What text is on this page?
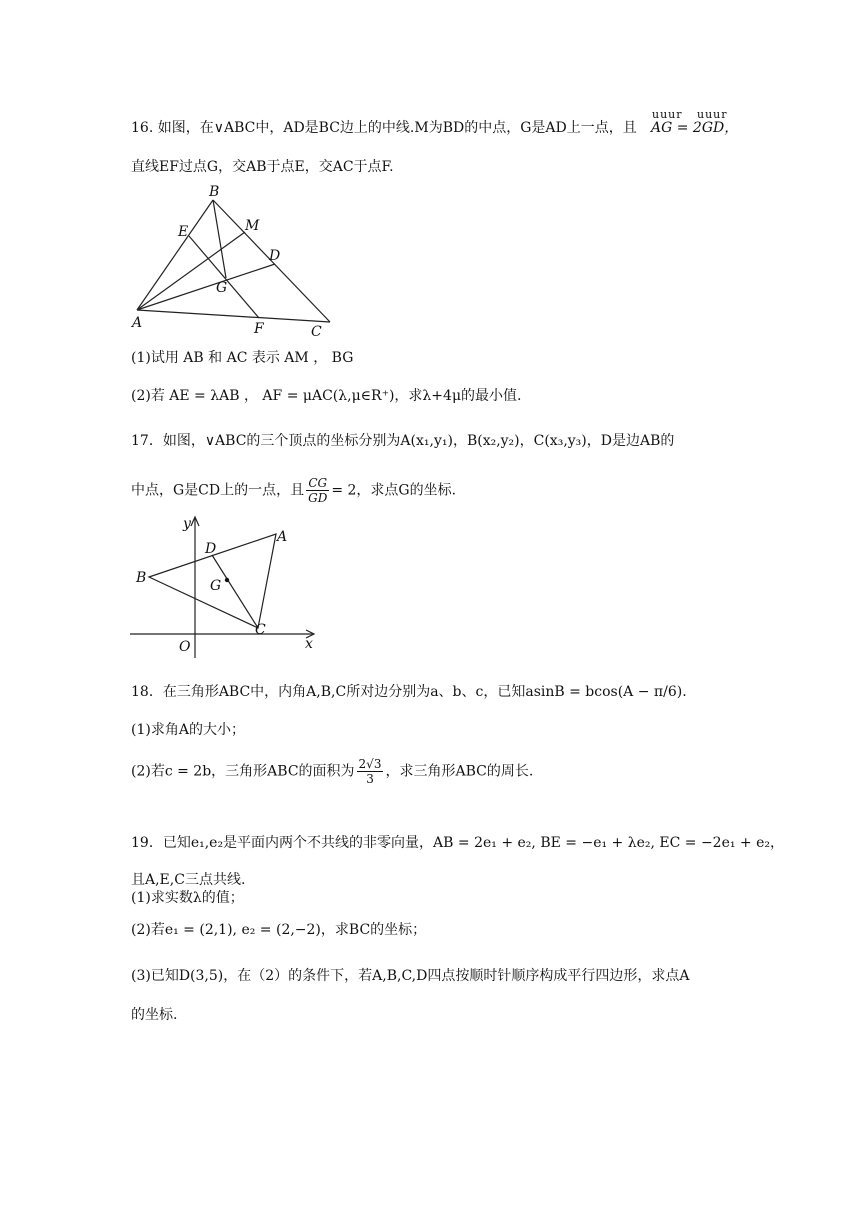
16. 如图，在∨ABC中，AD是BC边上的中线.M为BD的中点，G是AD上一点，且
uuur uuur
AG = 2GD，
直线EF过点G，交AB于点E，交AC于点F.
B
E	M
D
G
A	F	C
(1)试用 AB 和 AC 表示 AM ， BG
(2)若 AE = λAB ， AF = μAC(λ,μ∈R⁺)，求λ+4μ的最小值.
17．如图，∨ABC的三个顶点的坐标分别为A(x₁,y₁)，B(x₂,y₂)，C(x₃,y₃)，D是边AB的
中点，G是CD上的一点，且 $\frac{CG}{GD} = 2$，求点G的坐标.
y
D
A
B	G
C
O	x
18．在三角形ABC中，内角A,B,C所对边分别为a、b、c，已知asinB = bcos(A − π/6).
(1)求角A的大小；
(2)若c = 2b，三角形ABC的面积为 $\frac{2√3}{3}$ ，求三角形ABC的周长.
19．已知e₁,e₂是平面内两个不共线的非零向量，AB = 2e₁ + e₂, BE = −e₁ + λe₂, EC = −2e₁ + e₂，
且A,E,C三点共线.
(1)求实数λ的值；
(2)若e₁ = (2,1), e₂ = (2,−2)，求BC的坐标；
(3)已知D(3,5)，在（2）的条件下，若A,B,C,D四点按顺时针顺序构成平行四边形，求点A
的坐标.
